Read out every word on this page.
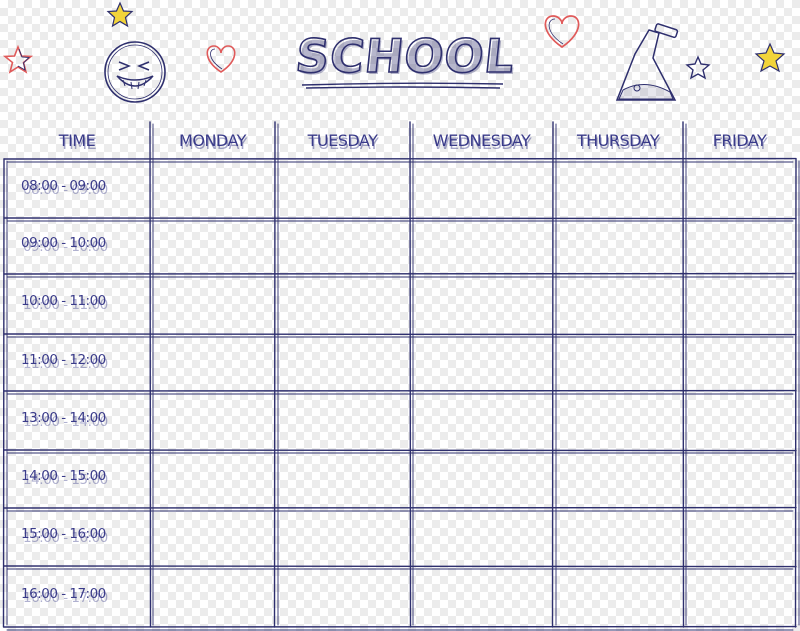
SCHOOL
TIME	MONDAY	TUESDAY	WEDNESDAY	THURSDAY	FRIDAY
08:00 - 09:00
09:00 - 10:00
10:00 - 11:00
11:00 - 12:00
13:00 - 14:00
14:00 - 15:00
15:00 - 16:00
16:00 - 17:00
